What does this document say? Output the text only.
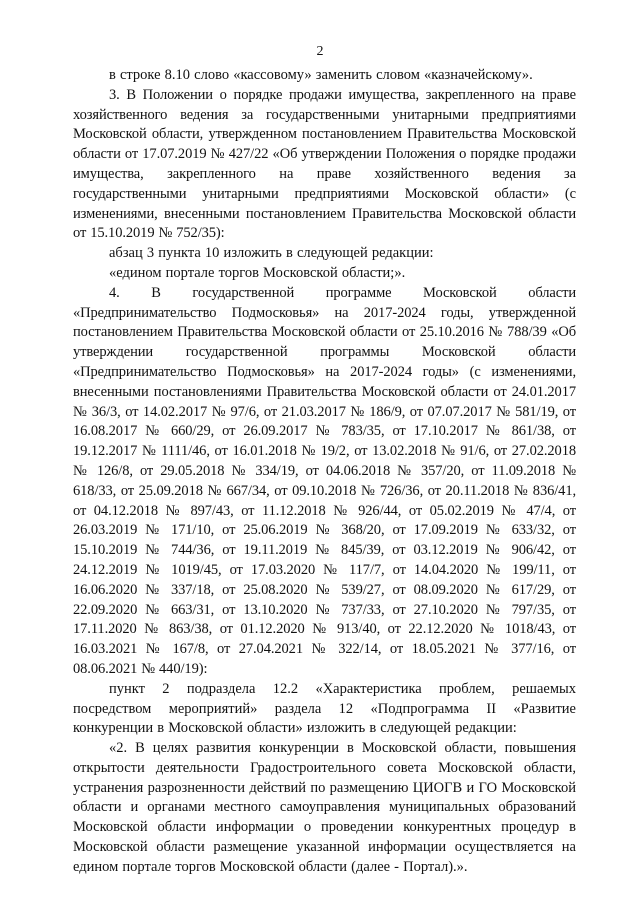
2

в строке 8.10 слово «кассовому» заменить словом «казначейскому».

3. В Положении о порядке продажи имущества, закрепленного на праве хозяйственного ведения за государственными унитарными предприятиями Московской области, утвержденном постановлением Правительства Московской области от 17.07.2019 № 427/22 «Об утверждении Положения о порядке продажи имущества, закрепленного на праве хозяйственного ведения за государственными унитарными предприятиями Московской области» (с изменениями, внесенными постановлением Правительства Московской области от 15.10.2019 № 752/35):

абзац 3 пункта 10 изложить в следующей редакции:

«едином портале торгов Московской области;».

4. В государственной программе Московской области «Предпринимательство Подмосковья» на 2017-2024 годы, утвержденной постановлением Правительства Московской области от 25.10.2016 № 788/39 «Об утверждении государственной программы Московской области «Предпринимательство Подмосковья» на 2017-2024 годы» (с изменениями, внесенными постановлениями Правительства Московской области от 24.01.2017 № 36/3, от 14.02.2017 № 97/6, от 21.03.2017 № 186/9, от 07.07.2017 № 581/19, от 16.08.2017 № 660/29, от 26.09.2017 № 783/35, от 17.10.2017 № 861/38, от 19.12.2017 № 1111/46, от 16.01.2018 № 19/2, от 13.02.2018 № 91/6, от 27.02.2018 № 126/8, от 29.05.2018 № 334/19, от 04.06.2018 № 357/20, от 11.09.2018 № 618/33, от 25.09.2018 № 667/34, от 09.10.2018 № 726/36, от 20.11.2018 № 836/41, от 04.12.2018 № 897/43, от 11.12.2018 № 926/44, от 05.02.2019 № 47/4, от 26.03.2019 № 171/10, от 25.06.2019 № 368/20, от 17.09.2019 № 633/32, от 15.10.2019 № 744/36, от 19.11.2019 № 845/39, от 03.12.2019 № 906/42, от 24.12.2019 № 1019/45, от 17.03.2020 № 117/7, от 14.04.2020 № 199/11, от 16.06.2020 № 337/18, от 25.08.2020 № 539/27, от 08.09.2020 № 617/29, от 22.09.2020 № 663/31, от 13.10.2020 № 737/33, от 27.10.2020 № 797/35, от 17.11.2020 № 863/38, от 01.12.2020 № 913/40, от 22.12.2020 № 1018/43, от 16.03.2021 № 167/8, от 27.04.2021 № 322/14, от 18.05.2021 № 377/16, от 08.06.2021 № 440/19):

пункт 2 подраздела 12.2 «Характеристика проблем, решаемых посредством мероприятий» раздела 12 «Подпрограмма II «Развитие конкуренции в Московской области» изложить в следующей редакции:

«2. В целях развития конкуренции в Московской области, повышения открытости деятельности Градостроительного совета Московской области, устранения разрозненности действий по размещению ЦИОГВ и ГО Московской области и органами местного самоуправления муниципальных образований Московской области информации о проведении конкурентных процедур в Московской области размещение указанной информации осуществляется на едином портале торгов Московской области (далее - Портал).».
